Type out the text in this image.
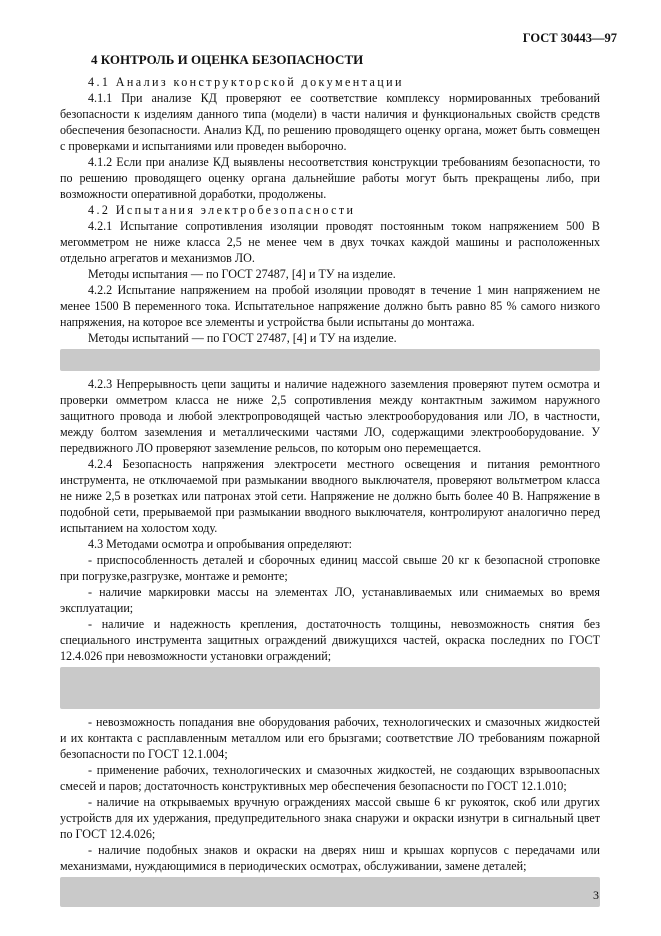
ГОСТ 30443—97
4 КОНТРОЛЬ И ОЦЕНКА БЕЗОПАСНОСТИ

4.1 Анализ конструкторской документации

4.1.1 При анализе КД проверяют ее соответствие комплексу нормированных требований безопасности к изделиям данного типа (модели) в части наличия и функциональных свойств средств обеспечения безопасности. Анализ КД, по решению проводящего оценку органа, может быть совмещен с проверками и испытаниями или проведен выборочно.

4.1.2 Если при анализе КД выявлены несоответствия конструкции требованиям безопасности, то по решению проводящего оценку органа дальнейшие работы могут быть прекращены либо, при возможности оперативной доработки, продолжены.

4.2 Испытания электробезопасности

4.2.1 Испытание сопротивления изоляции проводят постоянным током напряжением 500 В мегомметром не ниже класса 2,5 не менее чем в двух точках каждой машины и расположенных отдельно агрегатов и механизмов ЛО.

Методы испытания — по ГОСТ 27487, [4] и ТУ на изделие.

4.2.2 Испытание напряжением на пробой изоляции проводят в течение 1 мин напряжением не менее 1500 В переменного тока. Испытательное напряжение должно быть равно 85 % самого низкого напряжения, на которое все элементы и устройства были испытаны до монтажа.

Методы испытаний — по ГОСТ 27487, [4] и ТУ на изделие.

4.2.3 Непрерывность цепи защиты и наличие надежного заземления проверяют путем осмотра и проверки омметром класса не ниже 2,5 сопротивления между контактным зажимом наружного защитного провода и любой электропроводящей частью электрооборудования или ЛО, в частности, между болтом заземления и металлическими частями ЛО, содержащими электрооборудование. У передвижного ЛО проверяют заземление рельсов, по которым оно перемещается.

4.2.4 Безопасность напряжения электросети местного освещения и питания ремонтного инструмента, не отключаемой при размыкании вводного выключателя, проверяют вольтметром класса не ниже 2,5 в розетках или патронах этой сети. Напряжение не должно быть более 40 В. Напряжение в подобной сети, прерываемой при размыкании вводного выключателя, контролируют аналогично перед испытанием на холостом ходу.

4.3 Методами осмотра и опробывания определяют:

- приспособленность деталей и сборочных единиц массой свыше 20 кг к безопасной строповке при погрузке,разгрузке, монтаже и ремонте;

- наличие маркировки массы на элементах ЛО, устанавливаемых или снимаемых во время эксплуатации;

- наличие и надежность крепления, достаточность толщины, невозможность снятия без специального инструмента защитных ограждений движущихся частей, окраска последних по ГОСТ 12.4.026 при невозможности установки ограждений;

- невозможность попадания вне оборудования рабочих, технологических и смазочных жидкостей и их контакта с расплавленным металлом или его брызгами; соответствие ЛО требованиям пожарной безопасности по ГОСТ 12.1.004;

- применение рабочих, технологических и смазочных жидкостей, не создающих взрывоопасных смесей и паров; достаточность конструктивных мер обеспечения безопасности по ГОСТ 12.1.010;

- наличие на открываемых вручную ограждениях массой свыше 6 кг рукояток, скоб или других устройств для их удержания, предупредительного знака снаружи и окраски изнутри в сигнальный цвет по ГОСТ 12.4.026;

- наличие подобных знаков и окраски на дверях ниш и крышах корпусов с передачами или механизмами, нуждающимися в периодических осмотрах, обслуживании, замене деталей;

3
